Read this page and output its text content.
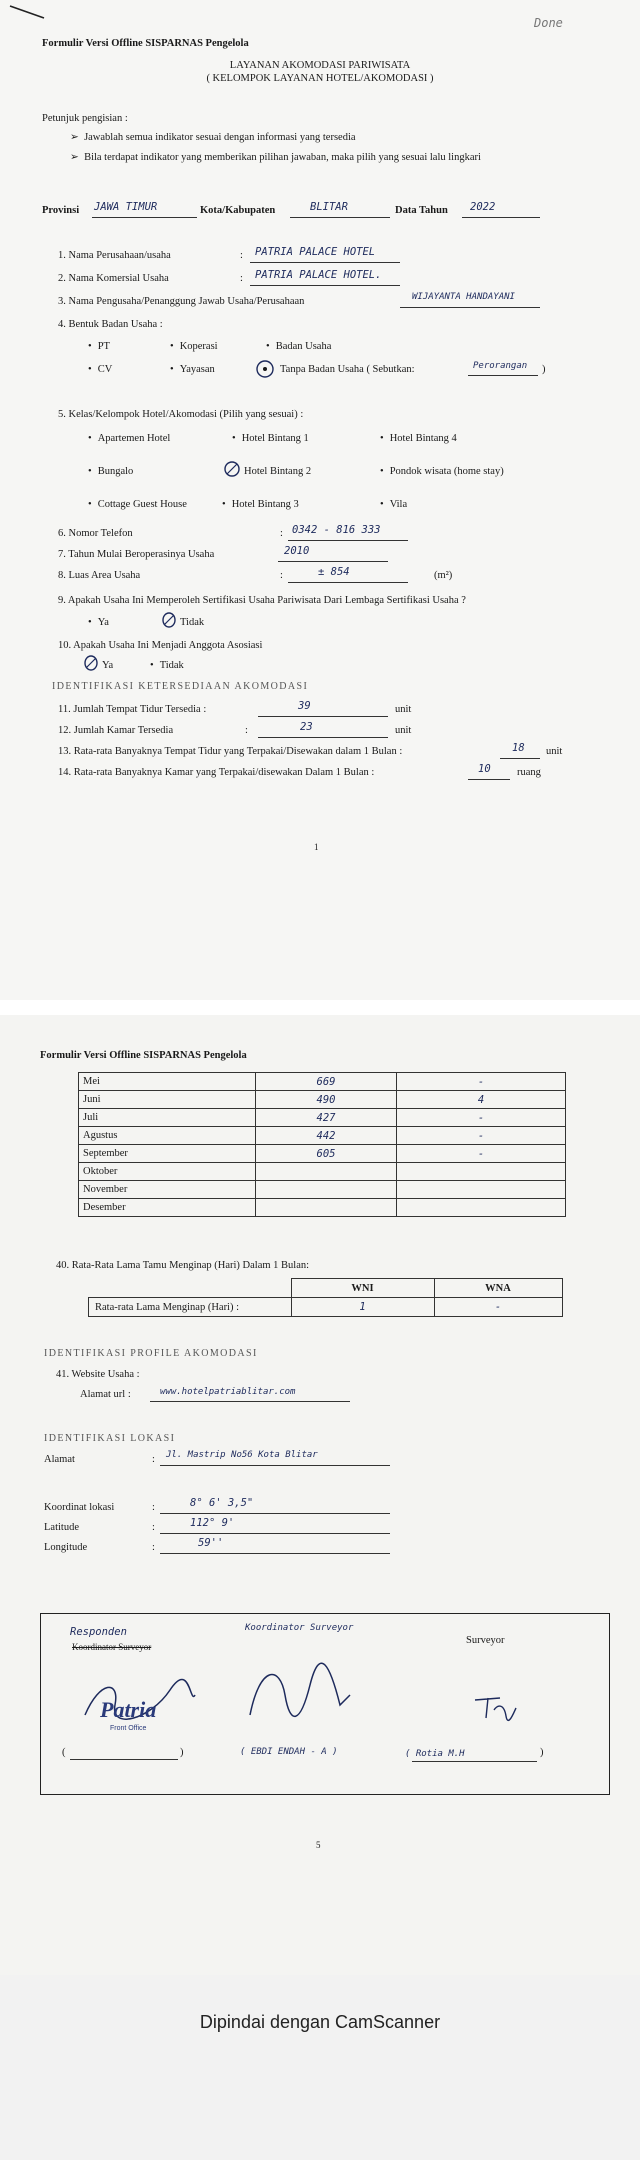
Done
Formulir Versi Offline SISPARNAS Pengelola
LAYANAN AKOMODASI PARIWISATA
( KELOMPOK LAYANAN HOTEL/AKOMODASI )
Petunjuk pengisian :
➢  Jawablah semua indikator sesuai dengan informasi yang tersedia
➢  Bila terdapat indikator yang memberikan pilihan jawaban, maka pilih yang sesuai lalu lingkari
Provinsi JAWA TIMUR	Kota/Kabupaten	BLITAR	Data Tahun 2022
1. Nama Perusahaan/usaha	: PATRIA PALACE HOTEL
2. Nama Komersial Usaha	: PATRIA PALACE HOTEL.
3. Nama Pengusaha/Penanggung Jawab Usaha/Perusahaan	WIJAYANTA HANDAYANI
4. Bentuk Badan Usaha :
• PT	• Koperasi	• Badan Usaha
• CV	• Yayasan	Tanpa Badan Usaha ( Sebutkan:	Perorangan )
5. Kelas/Kelompok Hotel/Akomodasi (Pilih yang sesuai) :
• Apartemen Hotel	• Hotel Bintang 1	• Hotel Bintang 4
• Bungalo	Hotel Bintang 2	• Pondok wisata (home stay)
• Cottage Guest House	• Hotel Bintang 3	• Vila
6. Nomor Telefon	: 0342 - 816 333
7. Tahun Mulai Beroperasinya Usaha	2010
8. Luas Area Usaha	:	± 854	(m²)
9. Apakah Usaha Ini Memperoleh Sertifikasi Usaha Pariwisata Dari Lembaga Sertifikasi Usaha ?
• Ya	Tidak
10. Apakah Usaha Ini Menjadi Anggota Asosiasi
Ya	• Tidak
IDENTIFIKASI KETERSEDIAAN AKOMODASI
11. Jumlah Tempat Tidur Tersedia :	39	unit
12. Jumlah Kamar Tersedia	:	23	unit
13. Rata-rata Banyaknya Tempat Tidur yang Terpakai/Disewakan dalam 1 Bulan :	18 unit
14. Rata-rata Banyaknya Kamar yang Terpakai/disewakan Dalam 1 Bulan :	10	ruang
1
Formulir Versi Offline SISPARNAS Pengelola
Mei	669	-
Juni	490	4
Juli	427	-
Agustus	442	-
September	605	-
Oktober		
November		
Desember		
40. Rata-Rata Lama Tamu Menginap (Hari) Dalam 1 Bulan:
	WNI	WNA
Rata-rata Lama Menginap (Hari) :	1	-
IDENTIFIKASI PROFILE AKOMODASI
41. Website Usaha :
Alamat url :	www.hotelpatriablitar.com
IDENTIFIKASI LOKASI
Alamat	: Jl. Mastrip No56 Kota Blitar
Koordinat lokasi	:	8° 6' 3,5"
Latitude	:	112° 9'
Longitude	:	59''
Responden
Koordinator Surveyor
Koordinator Surveyor
Surveyor
Patria
Front Office
(	)	( EBDI ENDAH - A )	( Rotia M.H	)
5
Dipindai dengan CamScanner
